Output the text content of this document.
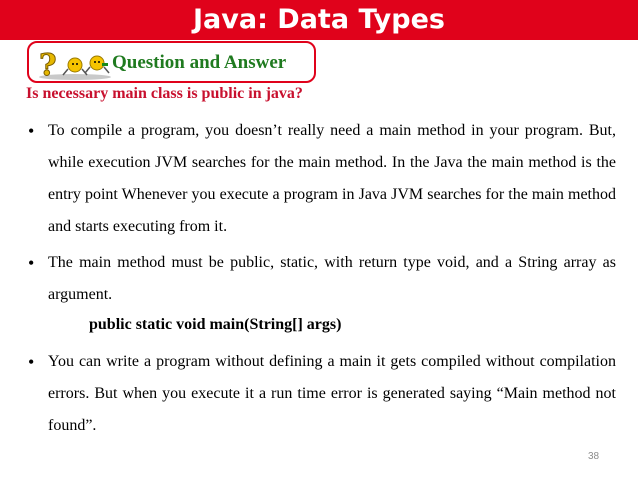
Java: Data Types
?	Question and Answer
Is necessary main class is public in java?
• To compile a program, you doesn’t really need a main method in your program. But, while execution JVM searches for the main method. In the Java the main method is the entry point Whenever you execute a program in Java JVM searches for the main method and starts executing from it.
• The main method must be public, static, with return type void, and a String array as argument.
public static void main(String[] args)
• You can write a program without defining a main it gets compiled without compilation errors. But when you execute it a run time error is generated saying “Main method not found”.
38
